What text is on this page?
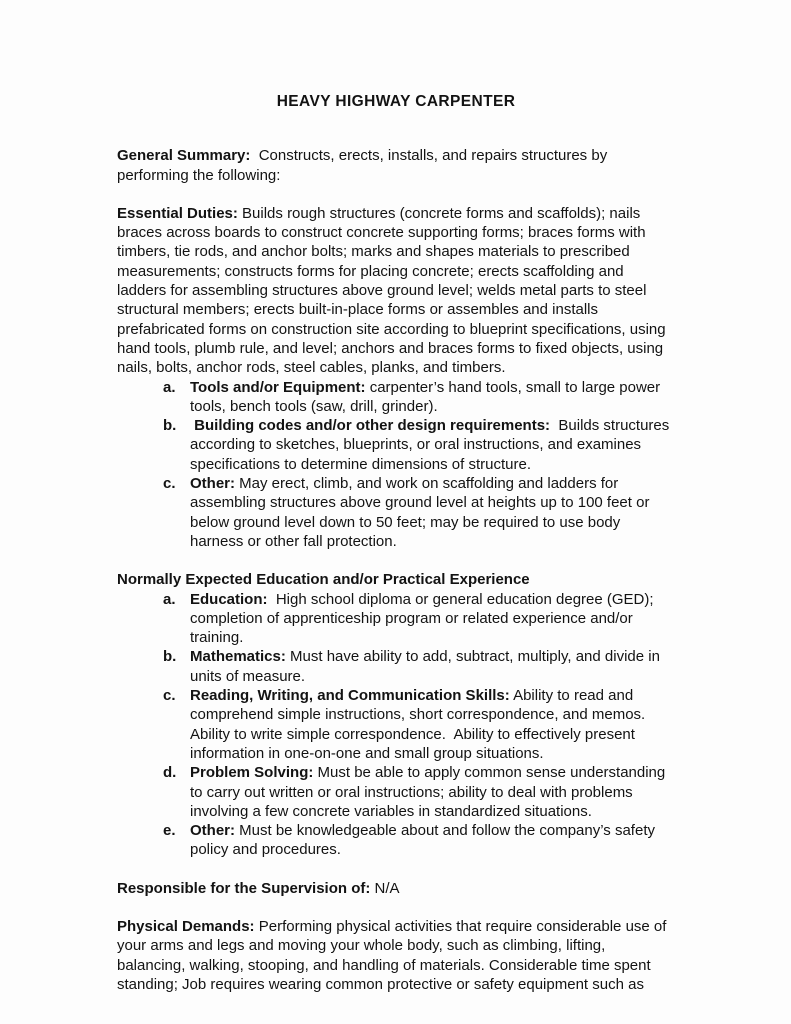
HEAVY HIGHWAY CARPENTER

General Summary:  Constructs, erects, installs, and repairs structures by performing the following:

Essential Duties: Builds rough structures (concrete forms and scaffolds); nails braces across boards to construct concrete supporting forms; braces forms with timbers, tie rods, and anchor bolts; marks and shapes materials to prescribed measurements; constructs forms for placing concrete; erects scaffolding and ladders for assembling structures above ground level; welds metal parts to steel structural members; erects built-in-place forms or assembles and installs prefabricated forms on construction site according to blueprint specifications, using hand tools, plumb rule, and level; anchors and braces forms to fixed objects, using nails, bolts, anchor rods, steel cables, planks, and timbers.

a. Tools and/or Equipment: carpenter’s hand tools, small to large power tools, bench tools (saw, drill, grinder).
b. Building codes and/or other design requirements:  Builds structures according to sketches, blueprints, or oral instructions, and examines specifications to determine dimensions of structure.
c. Other: May erect, climb, and work on scaffolding and ladders for assembling structures above ground level at heights up to 100 feet or below ground level down to 50 feet; may be required to use body harness or other fall protection.

Normally Expected Education and/or Practical Experience

a. Education:  High school diploma or general education degree (GED); completion of apprenticeship program or related experience and/or training.
b. Mathematics: Must have ability to add, subtract, multiply, and divide in units of measure.
c. Reading, Writing, and Communication Skills: Ability to read and comprehend simple instructions, short correspondence, and memos. Ability to write simple correspondence.  Ability to effectively present information in one-on-one and small group situations.
d. Problem Solving: Must be able to apply common sense understanding to carry out written or oral instructions; ability to deal with problems involving a few concrete variables in standardized situations.
e. Other: Must be knowledgeable about and follow the company’s safety policy and procedures.

Responsible for the Supervision of: N/A

Physical Demands: Performing physical activities that require considerable use of your arms and legs and moving your whole body, such as climbing, lifting, balancing, walking, stooping, and handling of materials. Considerable time spent standing; Job requires wearing common protective or safety equipment such as
